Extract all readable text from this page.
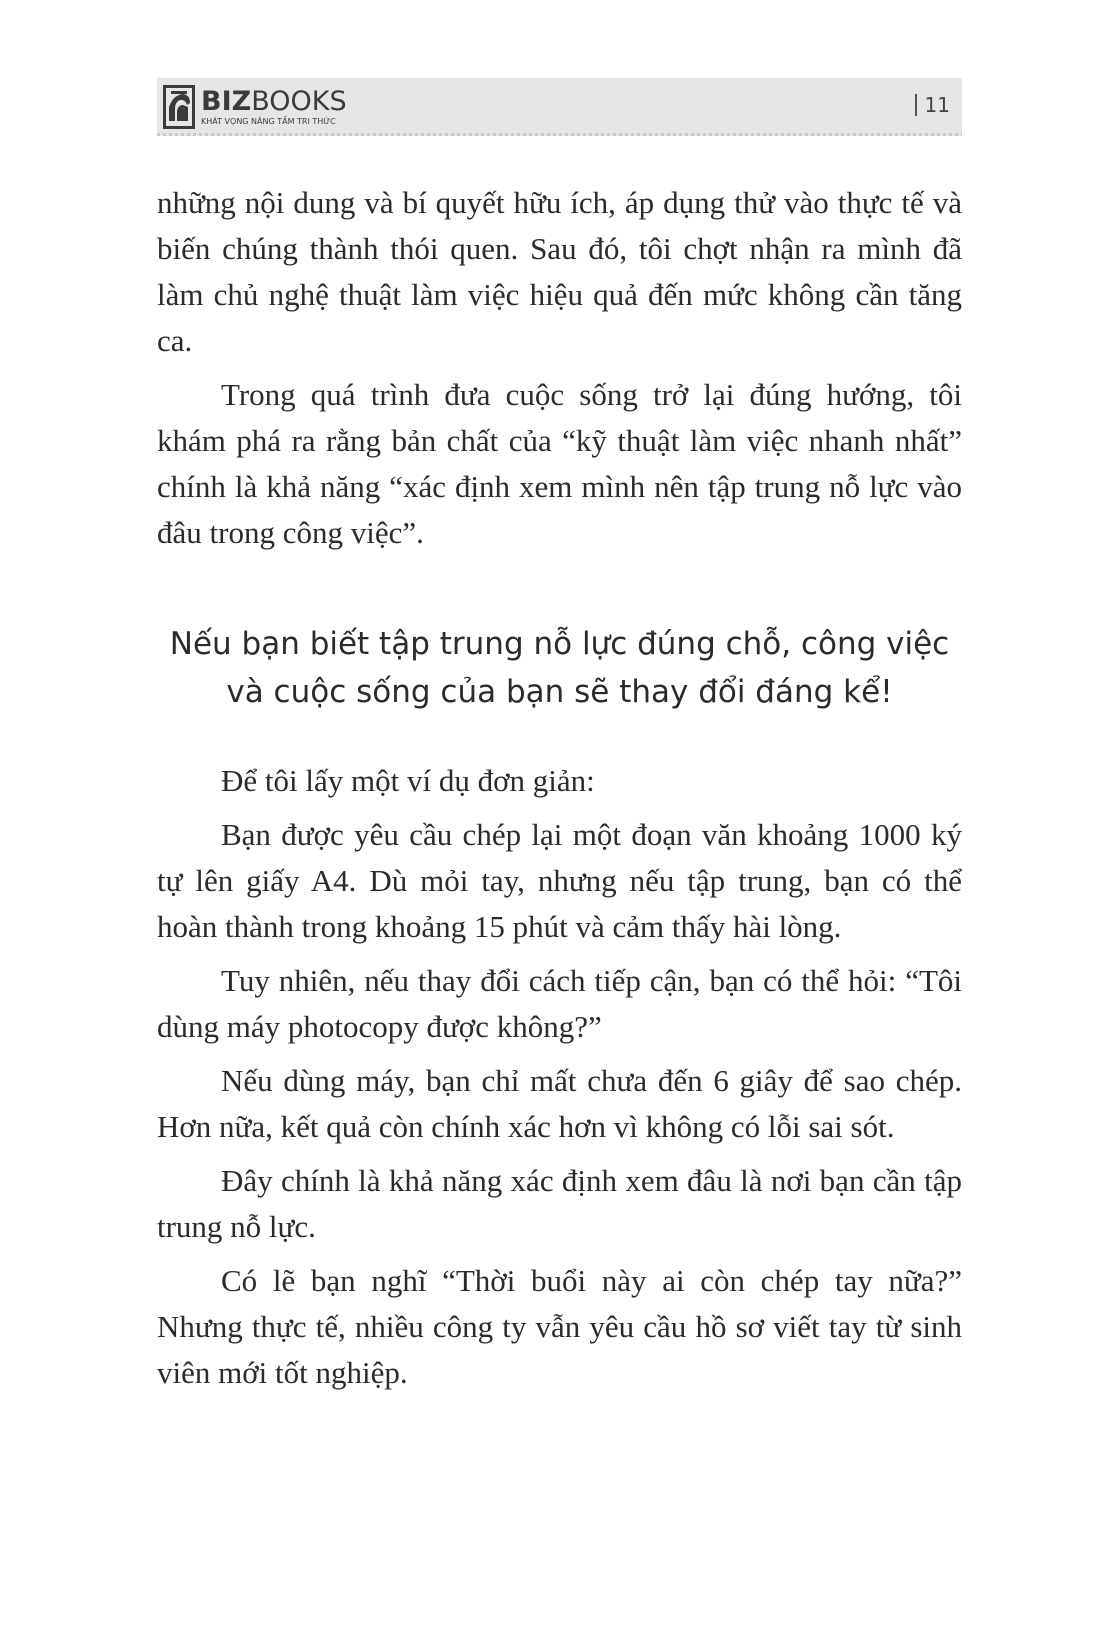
BIZBOOKS
KHÁT VỌNG NÂNG TẦM TRI THỨC
11

những nội dung và bí quyết hữu ích, áp dụng thử vào thực tế và biến chúng thành thói quen. Sau đó, tôi chợt nhận ra mình đã làm chủ nghệ thuật làm việc hiệu quả đến mức không cần tăng ca.

Trong quá trình đưa cuộc sống trở lại đúng hướng, tôi khám phá ra rằng bản chất của “kỹ thuật làm việc nhanh nhất” chính là khả năng “xác định xem mình nên tập trung nỗ lực vào đâu trong công việc”.

Nếu bạn biết tập trung nỗ lực đúng chỗ, công việc
và cuộc sống của bạn sẽ thay đổi đáng kể!

Để tôi lấy một ví dụ đơn giản:

Bạn được yêu cầu chép lại một đoạn văn khoảng 1000 ký tự lên giấy A4. Dù mỏi tay, nhưng nếu tập trung, bạn có thể hoàn thành trong khoảng 15 phút và cảm thấy hài lòng.

Tuy nhiên, nếu thay đổi cách tiếp cận, bạn có thể hỏi: “Tôi dùng máy photocopy được không?”

Nếu dùng máy, bạn chỉ mất chưa đến 6 giây để sao chép. Hơn nữa, kết quả còn chính xác hơn vì không có lỗi sai sót.

Đây chính là khả năng xác định xem đâu là nơi bạn cần tập trung nỗ lực.

Có lẽ bạn nghĩ “Thời buổi này ai còn chép tay nữa?” Nhưng thực tế, nhiều công ty vẫn yêu cầu hồ sơ viết tay từ sinh viên mới tốt nghiệp.
